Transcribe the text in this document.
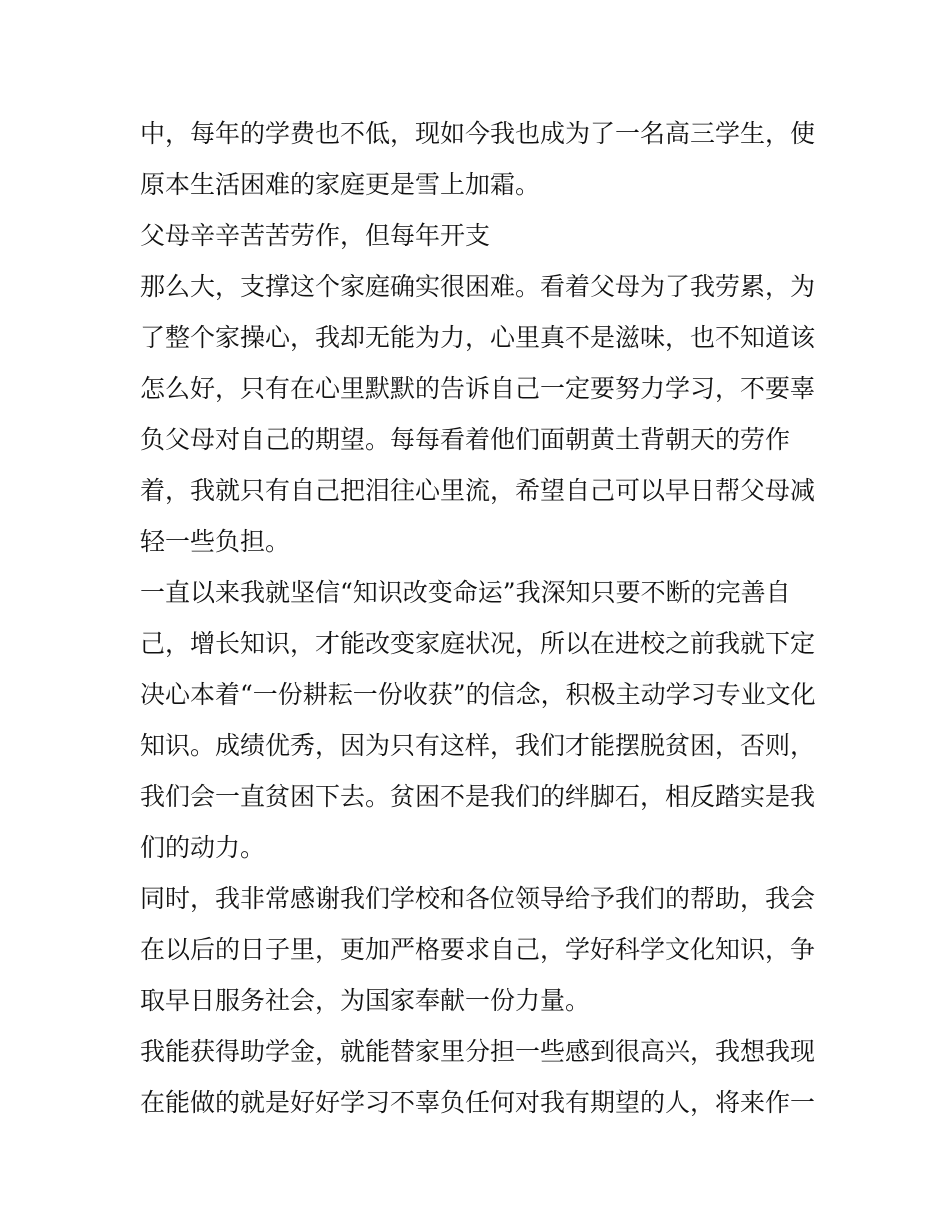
中，每年的学费也不低，现如今我也成为了一名高三学生，使
原本生活困难的家庭更是雪上加霜。
父母辛辛苦苦劳作，但每年开支
那么大，支撑这个家庭确实很困难。看着父母为了我劳累，为
了整个家操心，我却无能为力，心里真不是滋味，也不知道该
怎么好，只有在心里默默的告诉自己一定要努力学习，不要辜
负父母对自己的期望。每每看着他们面朝黄土背朝天的劳作
着，我就只有自己把泪往心里流，希望自己可以早日帮父母减
轻一些负担。
一直以来我就坚信“知识改变命运”我深知只要不断的完善自
己，增长知识，才能改变家庭状况，所以在进校之前我就下定
决心本着“一份耕耘一份收获”的信念，积极主动学习专业文化
知识。成绩优秀，因为只有这样，我们才能摆脱贫困，否则，
我们会一直贫困下去。贫困不是我们的绊脚石，相反踏实是我
们的动力。
同时，我非常感谢我们学校和各位领导给予我们的帮助，我会
在以后的日子里，更加严格要求自己，学好科学文化知识，争
取早日服务社会，为国家奉献一份力量。
我能获得助学金，就能替家里分担一些感到很高兴，我想我现
在能做的就是好好学习不辜负任何对我有期望的人，将来作一
